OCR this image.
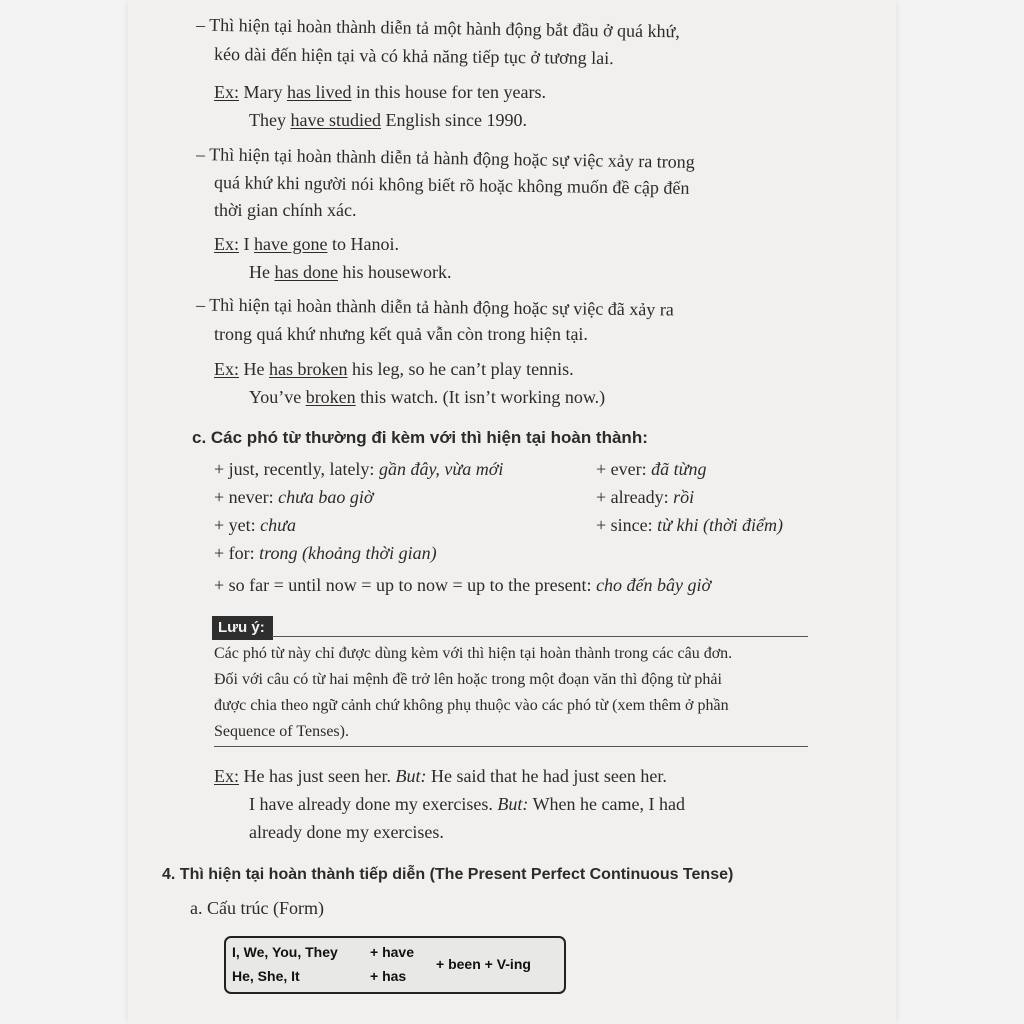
– Thì hiện tại hoàn thành diễn tả một hành động bắt đầu ở quá khứ,
kéo dài đến hiện tại và có khả năng tiếp tục ở tương lai.
Ex: Mary has lived in this house for ten years.
They have studied English since 1990.
– Thì hiện tại hoàn thành diễn tả hành động hoặc sự việc xảy ra trong
quá khứ khi người nói không biết rõ hoặc không muốn đề cập đến
thời gian chính xác.
Ex: I have gone to Hanoi.
He has done his housework.
– Thì hiện tại hoàn thành diễn tả hành động hoặc sự việc đã xảy ra
trong quá khứ nhưng kết quả vẫn còn trong hiện tại.
Ex: He has broken his leg, so he can’t play tennis.
You’ve broken this watch. (It isn’t working now.)
c. Các phó từ thường đi kèm với thì hiện tại hoàn thành:
+ just, recently, lately: gần đây, vừa mới
+ never: chưa bao giờ
+ yet: chưa
+ for: trong (khoảng thời gian)
+ ever: đã từng
+ already: rồi
+ since: từ khi (thời điểm)
+ so far = until now = up to now = up to the present: cho đến bây giờ
Lưu ý:
Các phó từ này chỉ được dùng kèm với thì hiện tại hoàn thành trong các câu đơn.
Đối với câu có từ hai mệnh đề trở lên hoặc trong một đoạn văn thì động từ phải
được chia theo ngữ cảnh chứ không phụ thuộc vào các phó từ (xem thêm ở phần
Sequence of Tenses).
Ex: He has just seen her. But: He said that he had just seen her.
I have already done my exercises. But: When he came, I had
already done my exercises.
4. Thì hiện tại hoàn thành tiếp diễn (The Present Perfect Continuous Tense)
a. Cấu trúc (Form)
I, We, You, They + have
He, She, It	+ has
+ been + V-ing
